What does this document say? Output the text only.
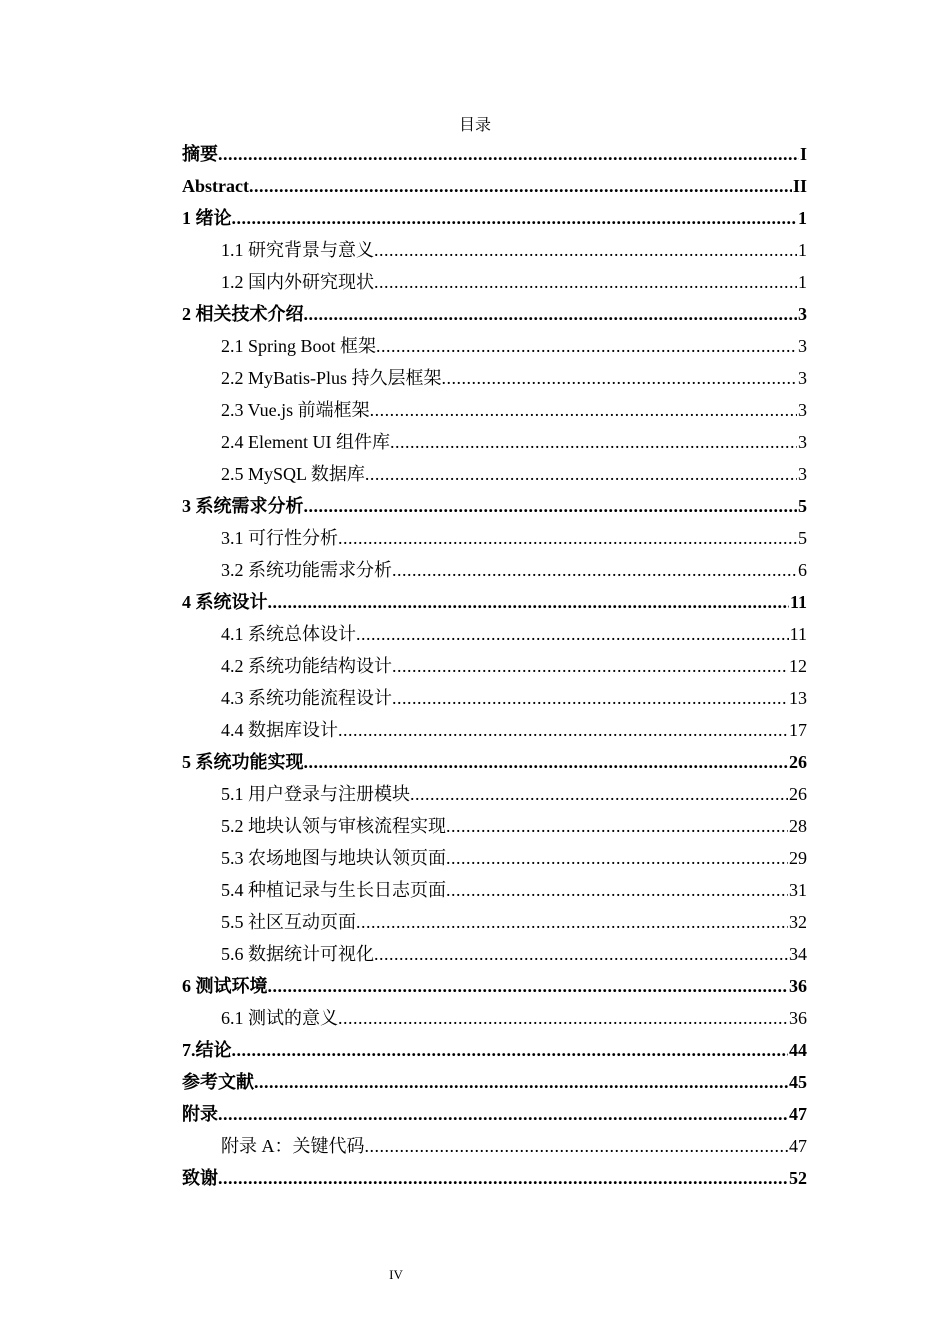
目录
摘要 .....	I
Abstract .....	II
1 绪论 .....	1
1.1 研究背景与意义 .....	1
1.2 国内外研究现状 .....	1
2 相关技术介绍 .....	3
2.1 Spring Boot 框架 .....	3
2.2 MyBatis-Plus 持久层框架 .....	3
2.3 Vue.js 前端框架 .....	3
2.4 Element UI 组件库 .....	3
2.5 MySQL 数据库 .....	3
3 系统需求分析 .....	5
3.1 可行性分析 .....	5
3.2 系统功能需求分析 .....	6
4 系统设计 .....	11
4.1 系统总体设计 .....	11
4.2 系统功能结构设计 .....	12
4.3 系统功能流程设计 .....	13
4.4 数据库设计 .....	17
5 系统功能实现 .....	26
5.1 用户登录与注册模块 .....	26
5.2 地块认领与审核流程实现 .....	28
5.3 农场地图与地块认领页面 .....	29
5.4 种植记录与生长日志页面 .....	31
5.5 社区互动页面 .....	32
5.6 数据统计可视化 .....	34
6 测试环境 .....	36
6.1 测试的意义 .....	36
7.结论 .....	44
参考文献 .....	45
附录 .....	47
附录 A：关键代码 .....	47
致谢 .....	52
IV
